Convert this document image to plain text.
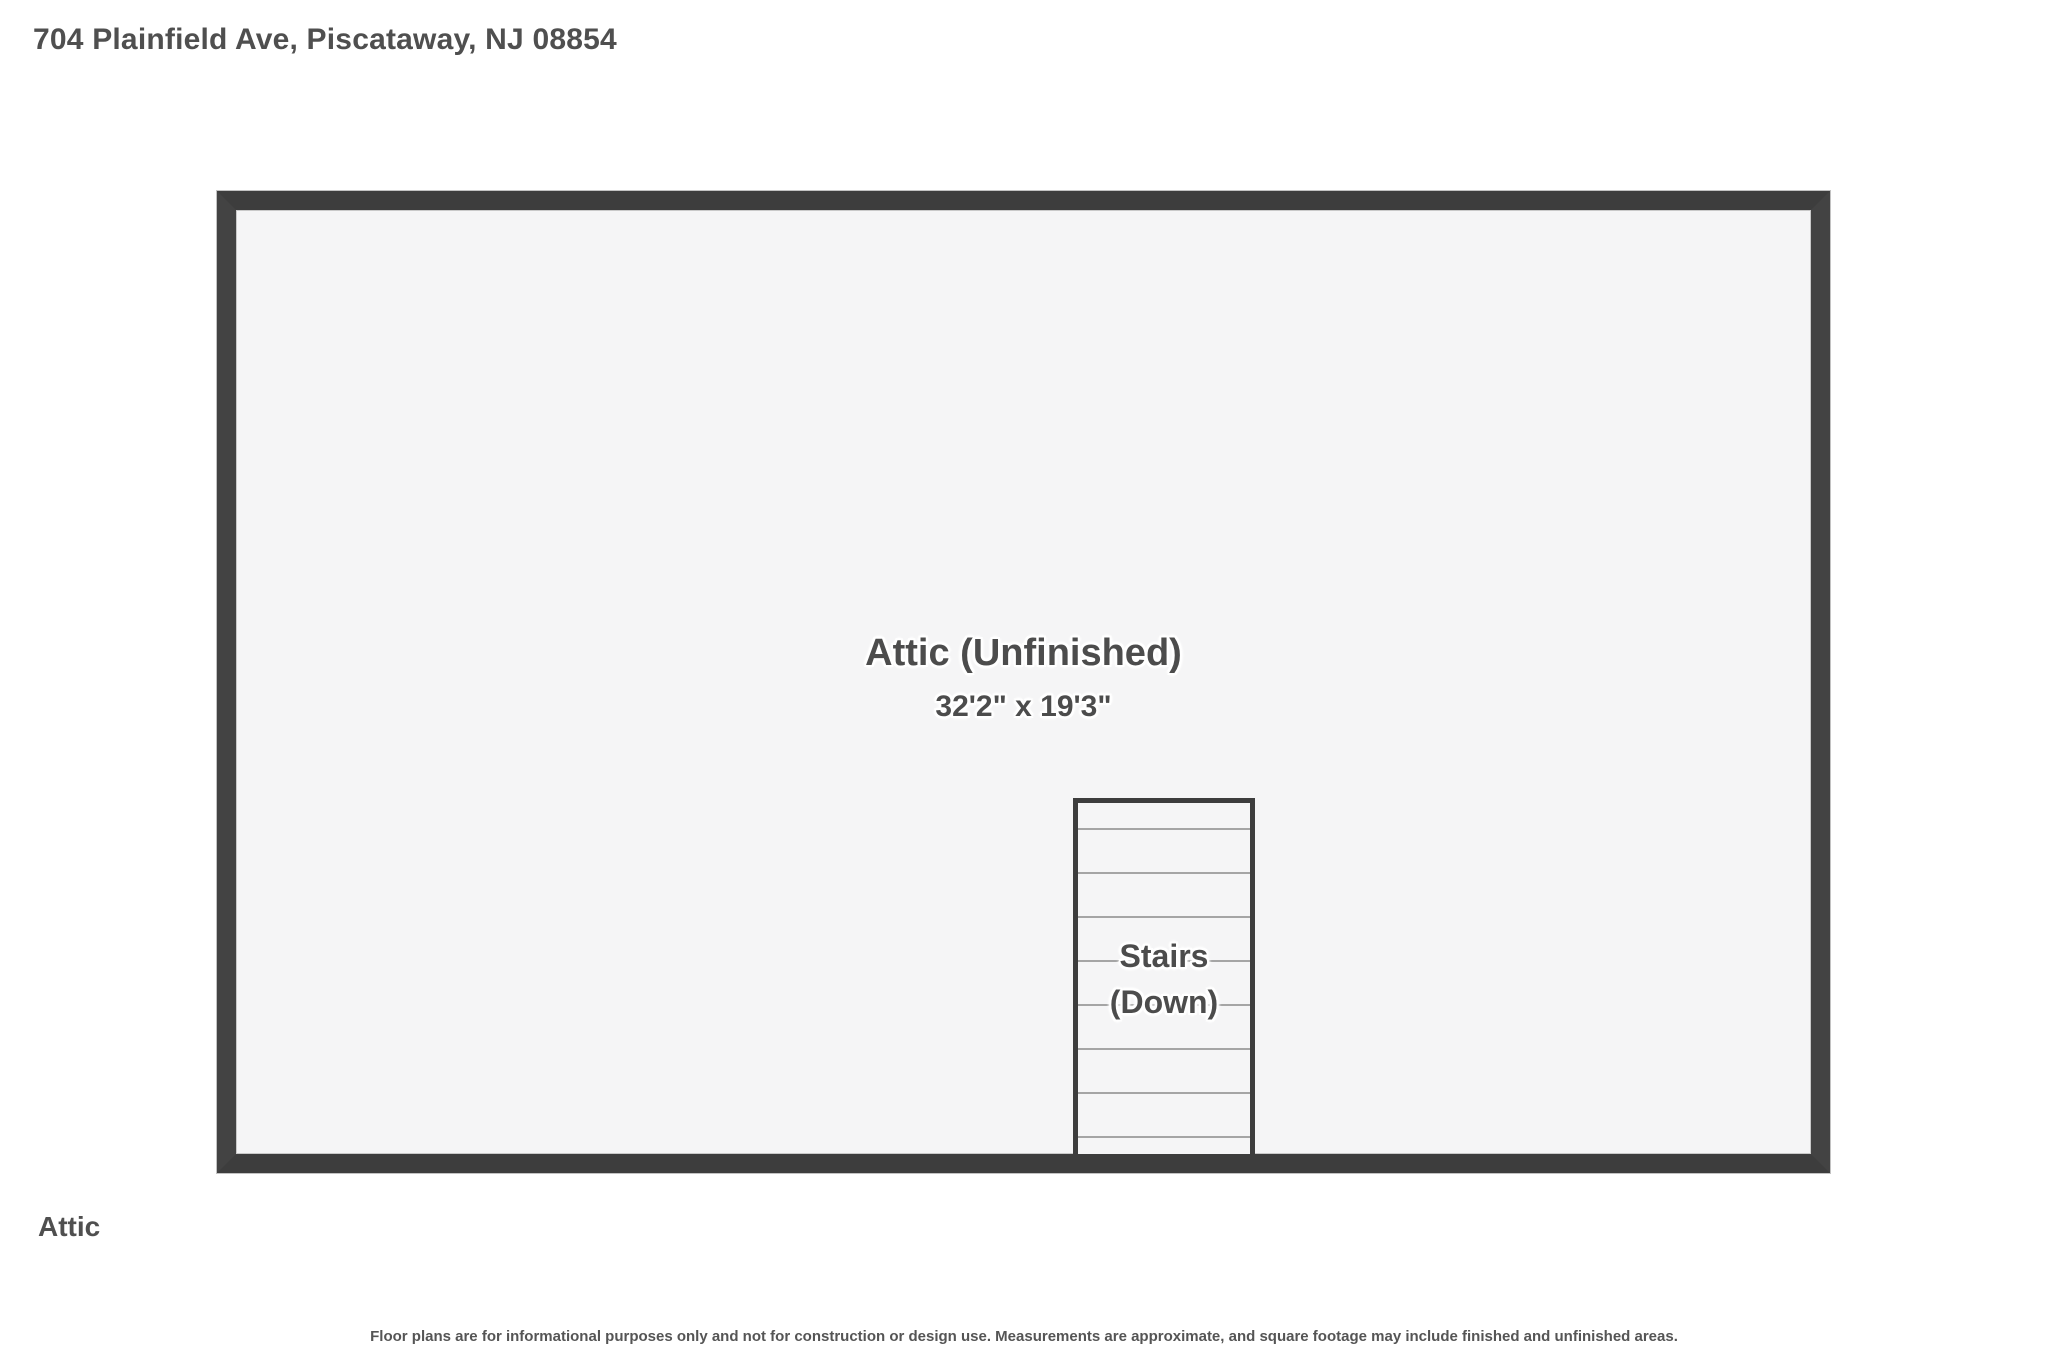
704 Plainfield Ave, Piscataway, NJ 08854
Attic (Unfinished)
32'2" x 19'3"
Stairs
(Down)
Attic
Floor plans are for informational purposes only and not for construction or design use. Measurements are approximate, and square footage may include finished and unfinished areas.
